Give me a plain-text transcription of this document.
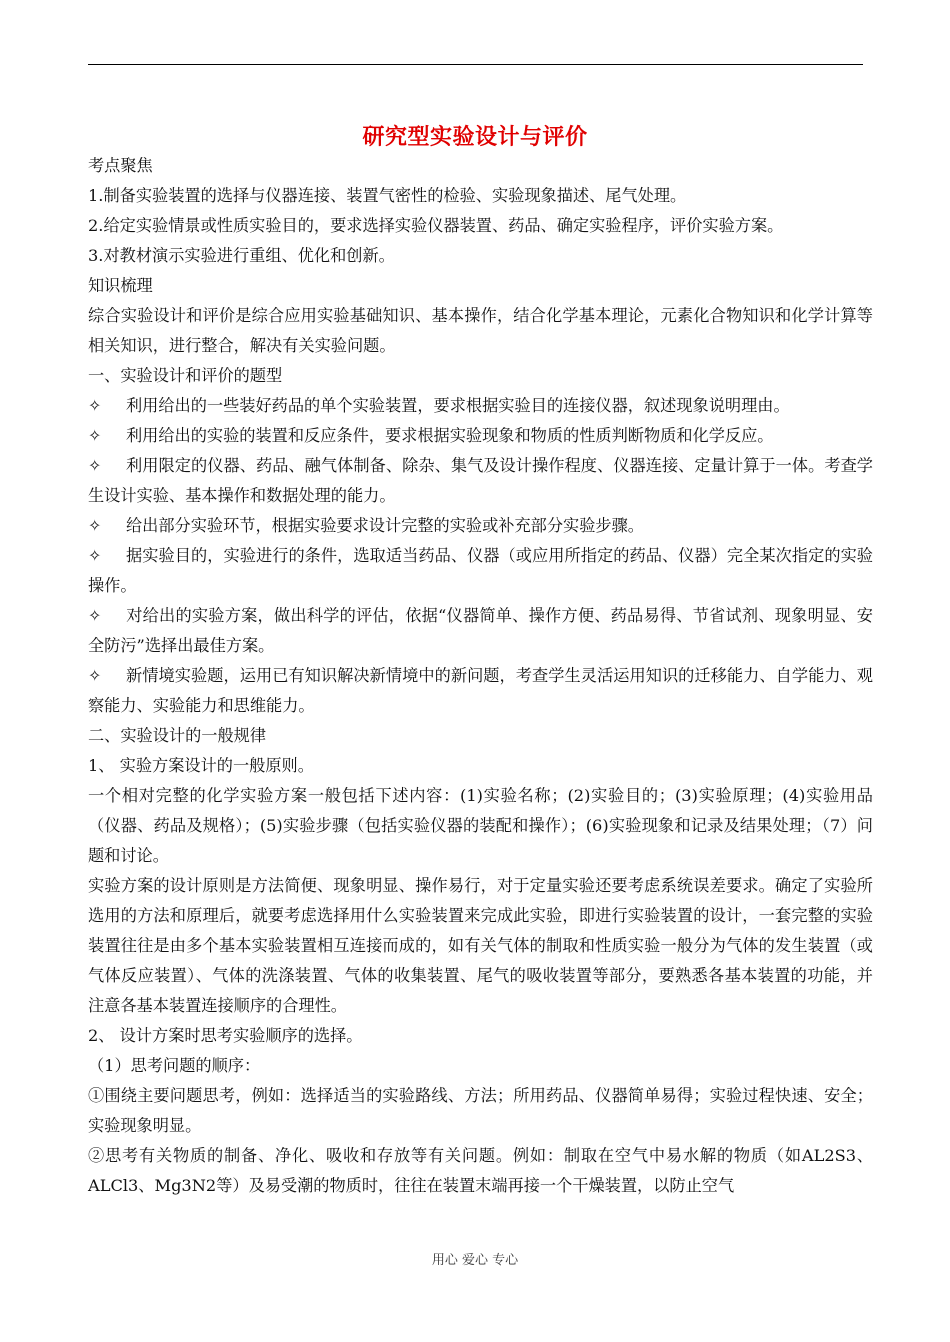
研究型实验设计与评价

考点聚焦

1.制备实验装置的选择与仪器连接、装置气密性的检验、实验现象描述、尾气处理。

2.给定实验情景或性质实验目的，要求选择实验仪器装置、药品、确定实验程序，评价实验方案。

3.对教材演示实验进行重组、优化和创新。

知识梳理

综合实验设计和评价是综合应用实验基础知识、基本操作，结合化学基本理论，元素化合物知识和化学计算等相关知识，进行整合，解决有关实验问题。

一、实验设计和评价的题型

✧ 利用给出的一些装好药品的单个实验装置，要求根据实验目的连接仪器，叙述现象说明理由。

✧ 利用给出的实验的装置和反应条件，要求根据实验现象和物质的性质判断物质和化学反应。

✧ 利用限定的仪器、药品、融气体制备、除杂、集气及设计操作程度、仪器连接、定量计算于一体。考查学生设计实验、基本操作和数据处理的能力。

✧ 给出部分实验环节，根据实验要求设计完整的实验或补充部分实验步骤。

✧ 据实验目的，实验进行的条件，选取适当药品、仪器（或应用所指定的药品、仪器）完全某次指定的实验操作。

✧ 对给出的实验方案，做出科学的评估，依据“仪器简单、操作方便、药品易得、节省试剂、现象明显、安全防污”选择出最佳方案。

✧ 新情境实验题，运用已有知识解决新情境中的新问题，考查学生灵活运用知识的迁移能力、自学能力、观察能力、实验能力和思维能力。

二、实验设计的一般规律

1、 实验方案设计的一般原则。

一个相对完整的化学实验方案一般包括下述内容：(1)实验名称；(2)实验目的；(3)实验原理；(4)实验用品（仪器、药品及规格）；(5)实验步骤（包括实验仪器的装配和操作）；(6)实验现象和记录及结果处理；（7）问题和讨论。

实验方案的设计原则是方法简便、现象明显、操作易行，对于定量实验还要考虑系统误差要求。确定了实验所选用的方法和原理后，就要考虑选择用什么实验装置来完成此实验，即进行实验装置的设计，一套完整的实验装置往往是由多个基本实验装置相互连接而成的，如有关气体的制取和性质实验一般分为气体的发生装置（或气体反应装置）、气体的洗涤装置、气体的收集装置、尾气的吸收装置等部分，要熟悉各基本装置的功能，并注意各基本装置连接顺序的合理性。

2、 设计方案时思考实验顺序的选择。

（1）思考问题的顺序：

①围绕主要问题思考，例如：选择适当的实验路线、方法；所用药品、仪器简单易得；实验过程快速、安全；实验现象明显。

②思考有关物质的制备、净化、吸收和存放等有关问题。例如：制取在空气中易水解的物质（如AL2S3、ALCl3、Mg3N2等）及易受潮的物质时，往往在装置末端再接一个干燥装置，以防止空气

用心 爱心 专心
